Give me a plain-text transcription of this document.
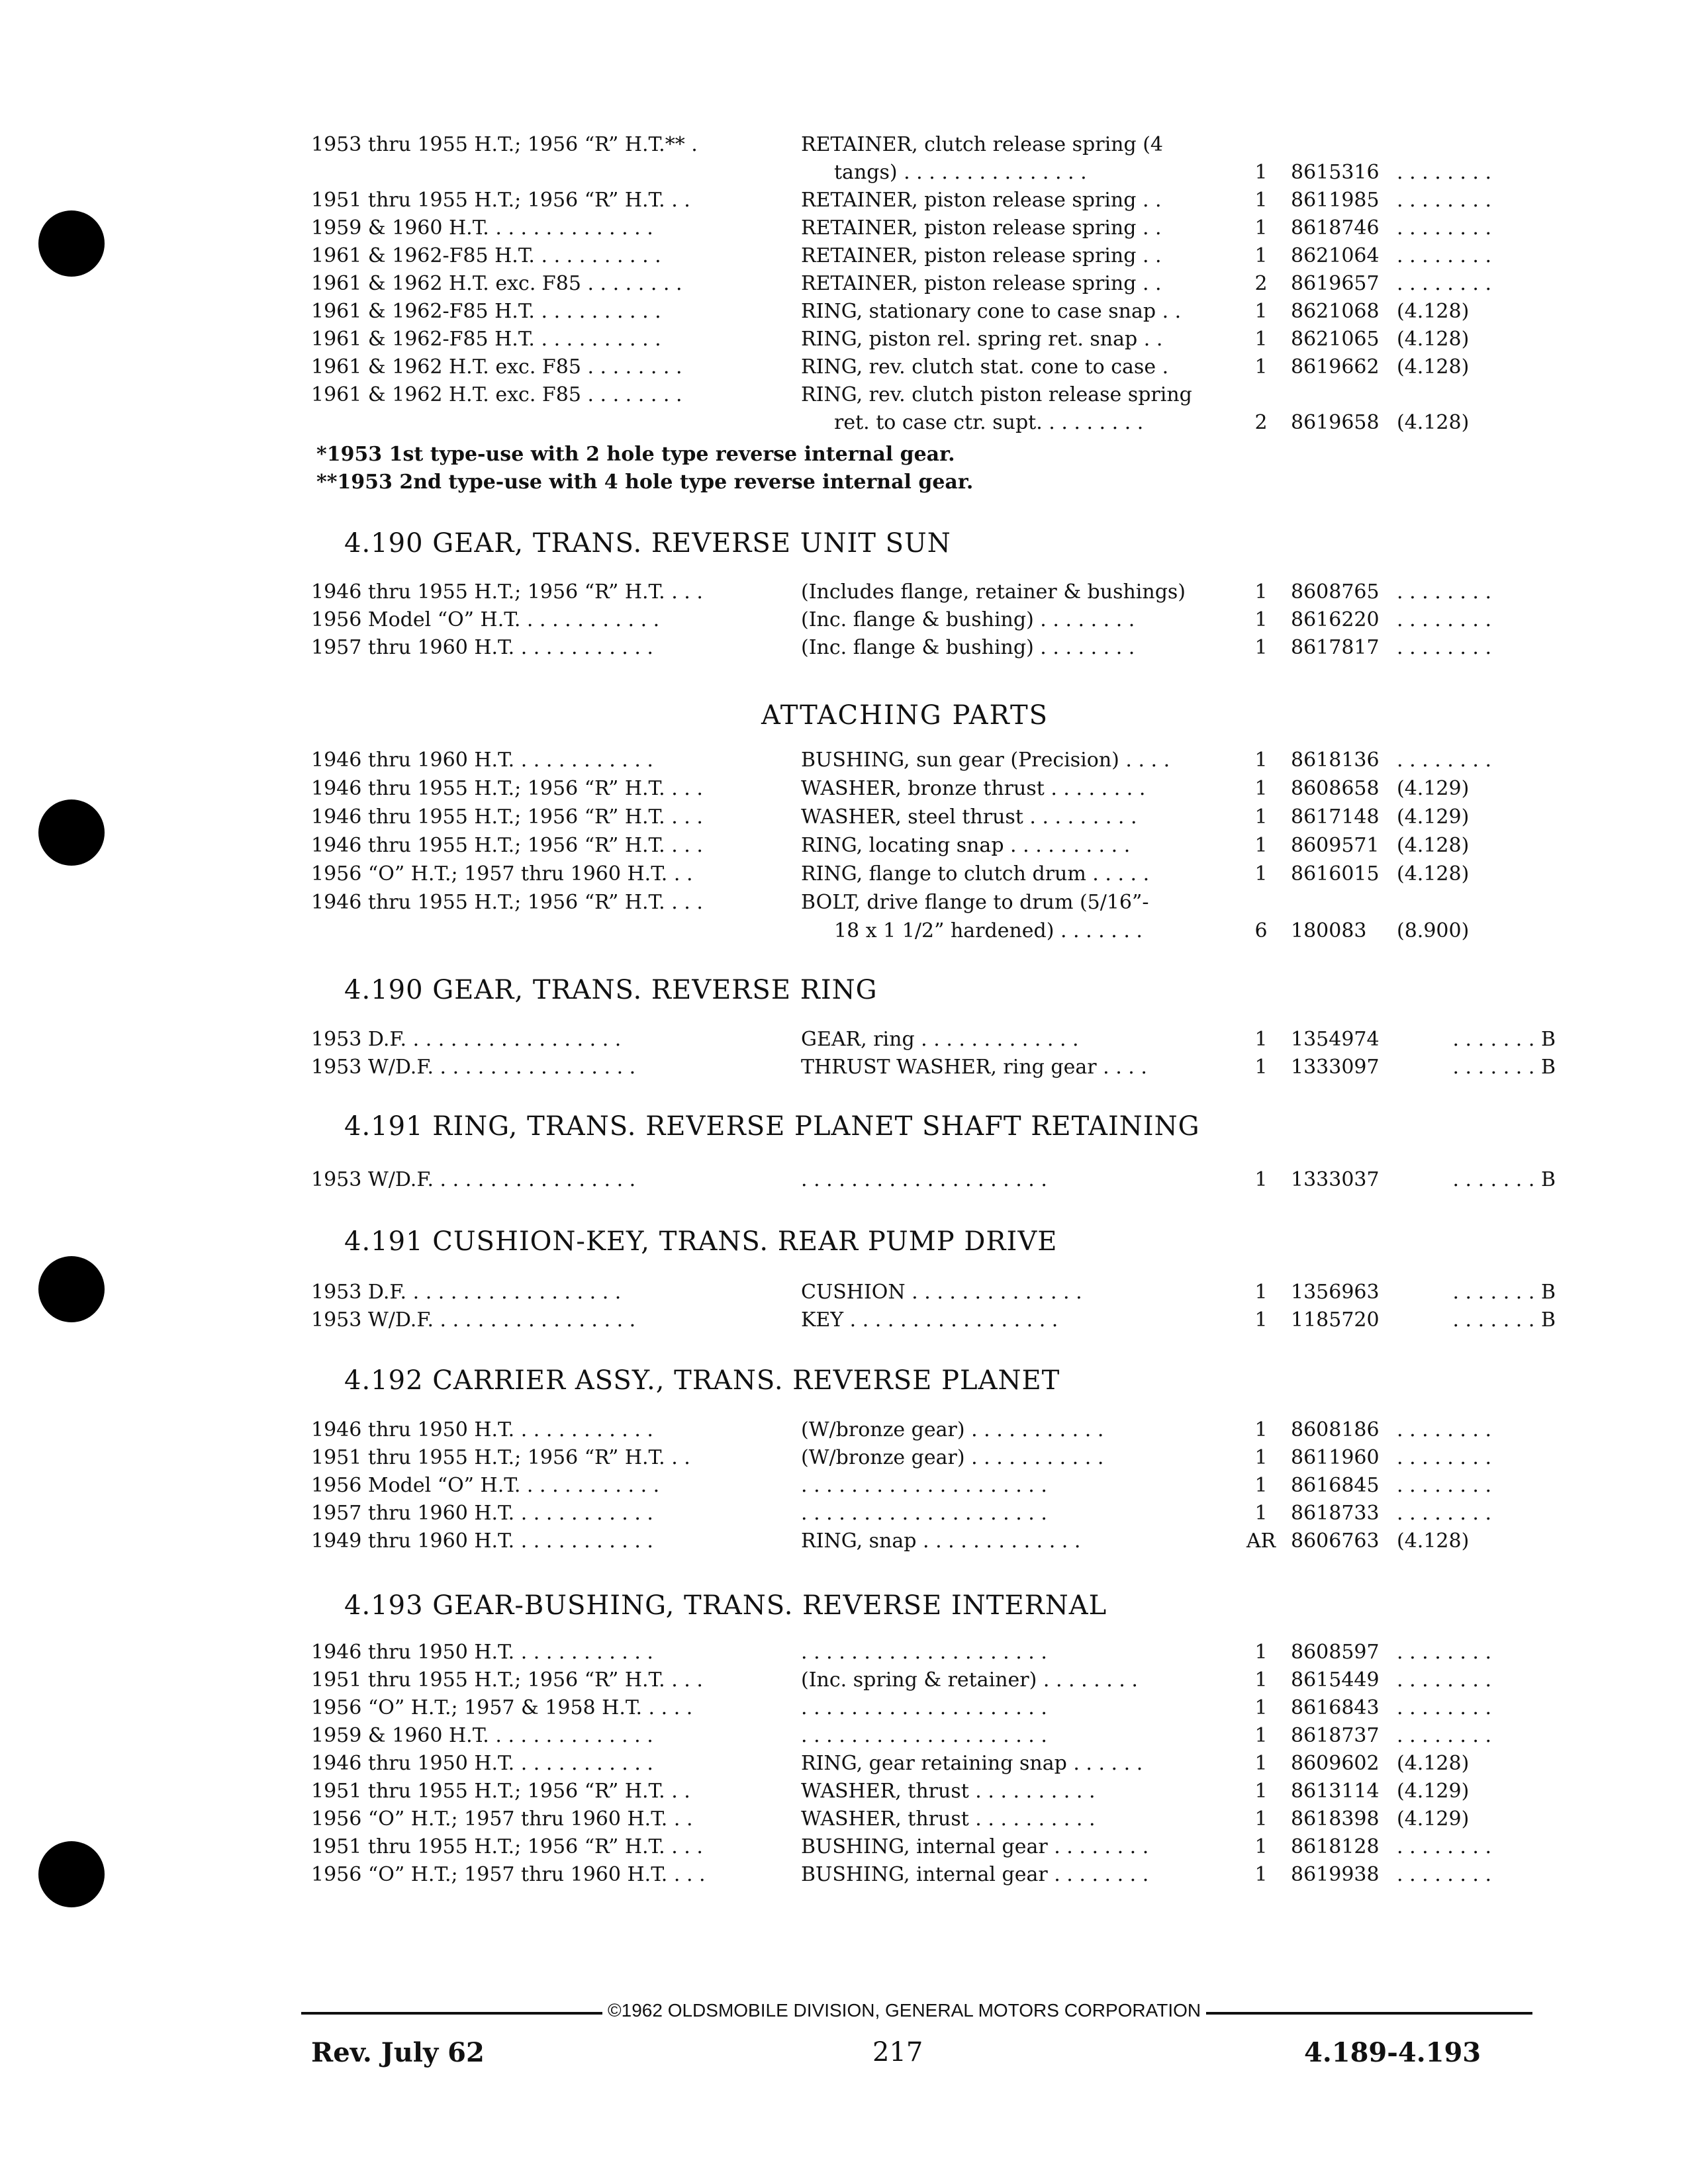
1953 thru 1955 H.T.; 1956 “R” H.T.** .	RETAINER, clutch release spring (4
tangs) . . . . . . . . . . . . . . .	1	8615316 . . . . . . . .
1951 thru 1955 H.T.; 1956 “R” H.T. . .	RETAINER, piston release spring . .	1	8611985 . . . . . . . .
1959 & 1960 H.T. . . . . . . . . . . . . .	RETAINER, piston release spring . .	1	8618746 . . . . . . . .
1961 & 1962-F85 H.T. . . . . . . . . . .	RETAINER, piston release spring . .	1	8621064 . . . . . . . .
1961 & 1962 H.T. exc. F85 . . . . . . . .	RETAINER, piston release spring . .	2	8619657 . . . . . . . .
1961 & 1962-F85 H.T. . . . . . . . . . .	RING, stationary cone to case snap . .	1	8621068 (4.128)
1961 & 1962-F85 H.T. . . . . . . . . . .	RING, piston rel. spring ret. snap . .	1	8621065 (4.128)
1961 & 1962 H.T. exc. F85 . . . . . . . .	RING, rev. clutch stat. cone to case .	1	8619662 (4.128)
1961 & 1962 H.T. exc. F85 . . . . . . . .	RING, rev. clutch piston release spring
ret. to case ctr. supt. . . . . . . . .	2	8619658 (4.128)
*1953 1st type-use with 2 hole type reverse internal gear.
**1953 2nd type-use with 4 hole type reverse internal gear.
4.190 GEAR, TRANS. REVERSE UNIT SUN
1946 thru 1955 H.T.; 1956 “R” H.T. . . .	(Includes flange, retainer & bushings)	1	8608765 . . . . . . . .
1956 Model “O” H.T. . . . . . . . . . . .	(Inc. flange & bushing) . . . . . . . .	1	8616220 . . . . . . . .
1957 thru 1960 H.T. . . . . . . . . . . .	(Inc. flange & bushing) . . . . . . . .	1	8617817 . . . . . . . .
ATTACHING PARTS
1946 thru 1960 H.T. . . . . . . . . . . .	BUSHING, sun gear (Precision) . . . .	1	8618136 . . . . . . . .
1946 thru 1955 H.T.; 1956 “R” H.T. . . .	WASHER, bronze thrust . . . . . . . .	1	8608658 (4.129)
1946 thru 1955 H.T.; 1956 “R” H.T. . . .	WASHER, steel thrust . . . . . . . . .	1	8617148 (4.129)
1946 thru 1955 H.T.; 1956 “R” H.T. . . .	RING, locating snap . . . . . . . . . .	1	8609571 (4.128)
1956 “O” H.T.; 1957 thru 1960 H.T. . .	RING, flange to clutch drum . . . . .	1	8616015 (4.128)
1946 thru 1955 H.T.; 1956 “R” H.T. . . .	BOLT, drive flange to drum (5/16”-
18 x 1 1/2” hardened) . . . . . . .	6	180083	(8.900)
4.190 GEAR, TRANS. REVERSE RING
1953 D.F. . . . . . . . . . . . . . . . . .	GEAR, ring . . . . . . . . . . . . .	1	1354974	. . . . . . . B
1953 W/D.F. . . . . . . . . . . . . . . . .	THRUST WASHER, ring gear . . . .	1	1333097	. . . . . . . B
4.191 RING, TRANS. REVERSE PLANET SHAFT RETAINING
1953 W/D.F. . . . . . . . . . . . . . . . .	. . . . . . . . . . . . . . . . . . . .	1	1333037	. . . . . . . B
4.191 CUSHION-KEY, TRANS. REAR PUMP DRIVE
1953 D.F. . . . . . . . . . . . . . . . . .	CUSHION . . . . . . . . . . . . . .	1	1356963	. . . . . . . B
1953 W/D.F. . . . . . . . . . . . . . . . .	KEY . . . . . . . . . . . . . . . . .	1	1185720	. . . . . . . B
4.192 CARRIER ASSY., TRANS. REVERSE PLANET
1946 thru 1950 H.T. . . . . . . . . . . .	(W/bronze gear) . . . . . . . . . . .	1	8608186 . . . . . . . .
1951 thru 1955 H.T.; 1956 “R” H.T. . .	(W/bronze gear) . . . . . . . . . . .	1	8611960 . . . . . . . .
1956 Model “O” H.T. . . . . . . . . . . .	. . . . . . . . . . . . . . . . . . . .	1	8616845 . . . . . . . .
1957 thru 1960 H.T. . . . . . . . . . . .	. . . . . . . . . . . . . . . . . . . .	1	8618733 . . . . . . . .
1949 thru 1960 H.T. . . . . . . . . . . .	RING, snap . . . . . . . . . . . . .	AR 8606763 (4.128)
4.193 GEAR-BUSHING, TRANS. REVERSE INTERNAL
1946 thru 1950 H.T. . . . . . . . . . . .	. . . . . . . . . . . . . . . . . . . .	1	8608597 . . . . . . . .
1951 thru 1955 H.T.; 1956 “R” H.T. . . .	(Inc. spring & retainer) . . . . . . . .	1	8615449 . . . . . . . .
1956 “O” H.T.; 1957 & 1958 H.T. . . . .	. . . . . . . . . . . . . . . . . . . .	1	8616843 . . . . . . . .
1959 & 1960 H.T. . . . . . . . . . . . . .	. . . . . . . . . . . . . . . . . . . .	1	8618737 . . . . . . . .
1946 thru 1950 H.T. . . . . . . . . . . .	RING, gear retaining snap . . . . . .	1	8609602 (4.128)
1951 thru 1955 H.T.; 1956 “R” H.T. . .	WASHER, thrust . . . . . . . . . .	1	8613114 (4.129)
1956 “O” H.T.; 1957 thru 1960 H.T. . .	WASHER, thrust . . . . . . . . . .	1	8618398 (4.129)
1951 thru 1955 H.T.; 1956 “R” H.T. . . .	BUSHING, internal gear . . . . . . . .	1	8618128 . . . . . . . .
1956 “O” H.T.; 1957 thru 1960 H.T. . . .	BUSHING, internal gear . . . . . . . .	1	8619938 . . . . . . . .
©1962 OLDSMOBILE DIVISION, GENERAL MOTORS CORPORATION
Rev. July 62	217	4.189-4.193
